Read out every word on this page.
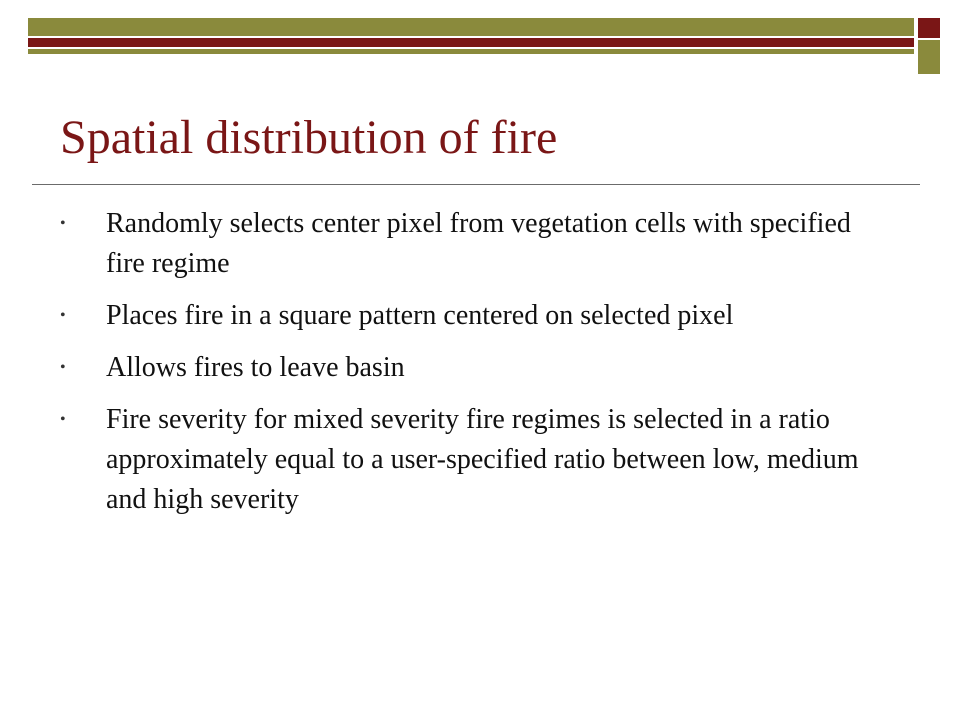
Spatial distribution of fire
• Randomly selects center pixel from vegetation cells with specified fire regime
• Places fire in a square pattern centered on selected pixel
• Allows fires to leave basin
• Fire severity for mixed severity fire regimes is selected in a ratio approximately equal to a user-specified ratio between low, medium and high severity
